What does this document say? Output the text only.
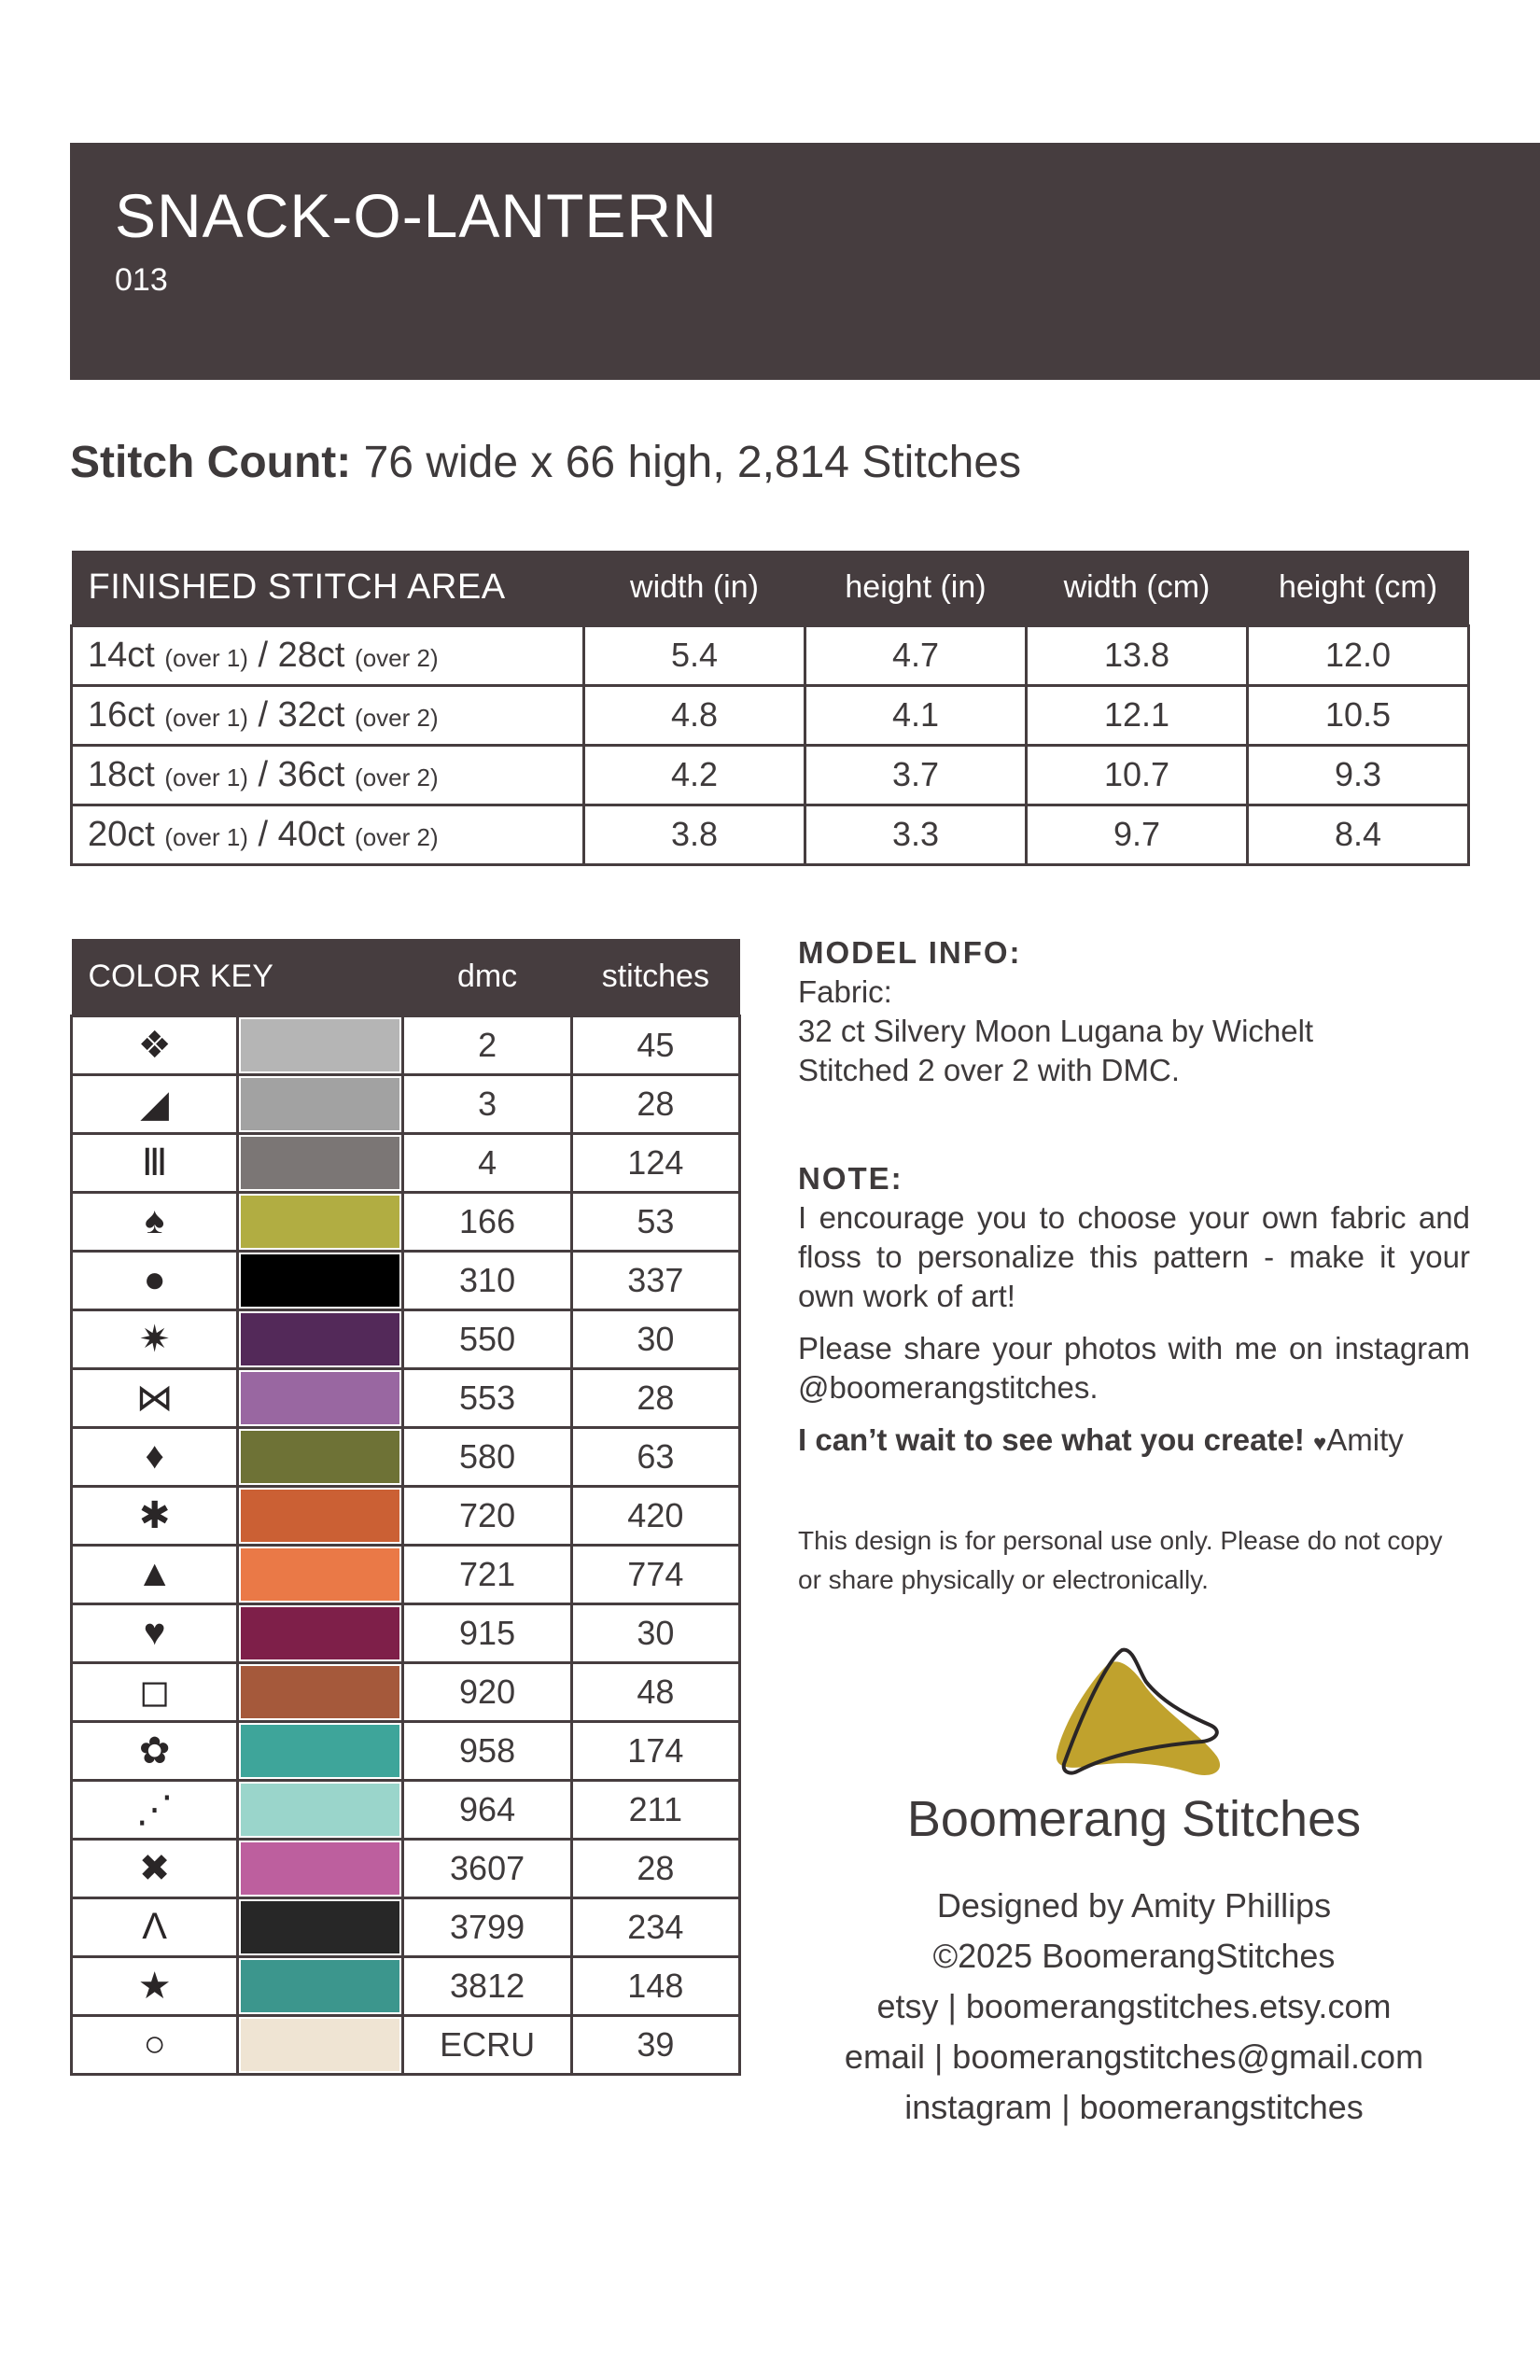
SNACK-O-LANTERN
013
Stitch Count: 76 wide x 66 high, 2,814 Stitches
FINISHED STITCH AREA	width (in)	height (in)	width (cm)	height (cm)
14ct (over 1) / 28ct (over 2)	5.4	4.7	13.8	12.0
16ct (over 1) / 32ct (over 2)	4.8	4.1	12.1	10.5
18ct (over 1) / 36ct (over 2)	4.2	3.7	10.7	9.3
20ct (over 1) / 40ct (over 2)	3.8	3.3	9.7	8.4
COLOR KEY		dmc	stitches
❖		2	45
◢		3	28
Ⅲ		4	124
♠		166	53
●		310	337
✷		550	30
⋈		553	28
♦		580	63
✱		720	420
▲		721	774
♥		915	30
◻		920	48
✿		958	174
⋰		964	211
✖		3607	28
Λ		3799	234
★		3812	148
○		ECRU	39
MODEL INFO:

Fabric:

32 ct Silvery Moon Lugana by Wichelt

Stitched 2 over 2 with DMC.

NOTE:

I encourage you to choose your own fabric and floss to personalize this pattern - make it your own work of art!

Please share your photos with me on instagram @boomerangstitches.

I can’t wait to see what you create! ♥Amity

This design is for personal use only. Please do not copy or share physically or electronically.

Boomerang Stitches
Designed by Amity Phillips
©2025 BoomerangStitches
etsy | boomerangstitches.etsy.com
email | boomerangstitches@gmail.com
instagram | boomerangstitches
